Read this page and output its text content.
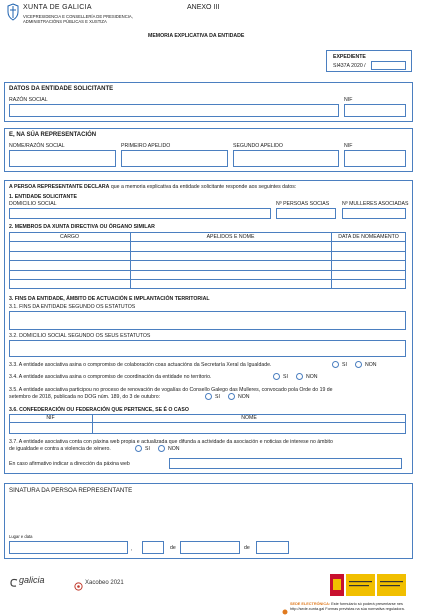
XUNTA DE GALICIA
VICEPRESIDENCIA E CONSELLERÍA DE PRESIDENCIA,
ADMINISTRACIÓNS PÚBLICAS E XUSTIZA
ANEXO III
MEMORIA EXPLICATIVA DA ENTIDADE
EXPEDIENTE
SI437A 2020 /
DATOS DA ENTIDADE SOLICITANTE
RAZÓN SOCIAL	NIF
E, NA SÚA REPRESENTACIÓN
NOME/RAZÓN SOCIAL	PRIMEIRO APELIDO	SEGUNDO APELIDO	NIF
A PERSOA REPRESENTANTE DECLARA que a memoria explicativa da entidade solicitante responde aos seguintes datos:
1. ENTIDADE SOLICITANTE
DOMICILIO SOCIAL	Nº PERSOAS SOCIAS Nº MULLERES ASOCIADAS
2. MEMBROS DA XUNTA DIRECTIVA OU ÓRGANO SIMILAR
CARGO	APELIDOS E NOME	DATA DE NOMEAMENTO
3. FINS DA ENTIDADE, ÁMBITO DE ACTUACIÓN E IMPLANTACIÓN TERRITORIAL
3.1. FINS DA ENTIDADE SEGUNDO OS ESTATUTOS
3.2. DOMICILIO SOCIAL SEGUNDO OS SEUS ESTATUTOS
3.3. A entidade asociativa asina o compromiso de colaboración coas actuacións da Secretaría Xeral da Igualdade.	SI	NON
3.4. A entidade asociativa asina o compromiso de coordinación da entidade no territorio.	SI	NON
3.5. A entidade asociativa participou no proceso de renovación de vogalías do Consello Galego das Mulleres, convocado pola Orde do 19 de
setembro de 2018, publicada no DOG núm. 189, do 3 de outubro:	SI	NON
3.6. CONFEDERACIÓN OU FEDERACIÓN QUE PERTENCE, SE É O CASO
NIF	NOME
3.7. A entidade asociativa conta con páxina web propia e actualizada que difunda a actividade da asociación e noticias de interese no ámbito
de igualdade e contra a violencia de xénero.	SI	NON
En caso afirmativo indicar a dirección da páxina web
SINATURA DA PERSOA REPRESENTANTE
Lugar e data
,	de	de
galicia	Xacobeo 2021
SEDE ELECTRÓNICA: Este formulario só poderá presentarse nes
http://sede.xunta.gal Formas previstas na súa normativa reguladora.
